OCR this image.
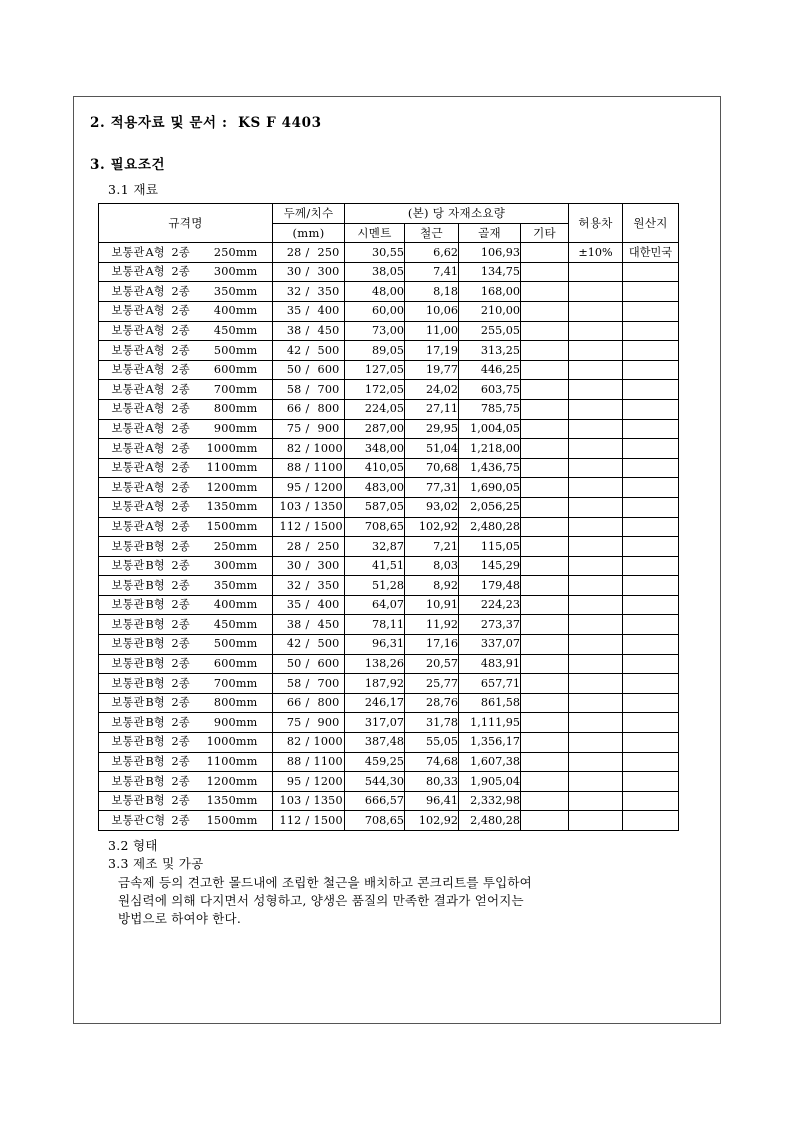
2. 적용자료 및 문서 :  KS F 4403
3. 필요조건
3.1 재료
규격명	두께/치수	(본) 당 자재소요량				허용차	원산지
	(mm)	시멘트	철근	골재	기타		
보통관A형 2종 250mm	28 / 250	30,55	6,62	106,93		±10%	대한민국
보통관A형 2종 300mm	30 / 300	38,05	7,41	134,75			
보통관A형 2종 350mm	32 / 350	48,00	8,18	168,00			
보통관A형 2종 400mm	35 / 400	60,00	10,06	210,00			
보통관A형 2종 450mm	38 / 450	73,00	11,00	255,05			
보통관A형 2종 500mm	42 / 500	89,05	17,19	313,25			
보통관A형 2종 600mm	50 / 600	127,05	19,77	446,25			
보통관A형 2종 700mm	58 / 700	172,05	24,02	603,75			
보통관A형 2종 800mm	66 / 800	224,05	27,11	785,75			
보통관A형 2종 900mm	75 / 900	287,00	29,95	1,004,05			
보통관A형 2종 1000mm	82 / 1000	348,00	51,04	1,218,00			
보통관A형 2종 1100mm	88 / 1100	410,05	70,68	1,436,75			
보통관A형 2종 1200mm	95 / 1200	483,00	77,31	1,690,05			
보통관A형 2종 1350mm	103 / 1350	587,05	93,02	2,056,25			
보통관A형 2종 1500mm	112 / 1500	708,65	102,92	2,480,28			
보통관B형 2종 250mm	28 / 250	32,87	7,21	115,05			
보통관B형 2종 300mm	30 / 300	41,51	8,03	145,29			
보통관B형 2종 350mm	32 / 350	51,28	8,92	179,48			
보통관B형 2종 400mm	35 / 400	64,07	10,91	224,23			
보통관B형 2종 450mm	38 / 450	78,11	11,92	273,37			
보통관B형 2종 500mm	42 / 500	96,31	17,16	337,07			
보통관B형 2종 600mm	50 / 600	138,26	20,57	483,91			
보통관B형 2종 700mm	58 / 700	187,92	25,77	657,71			
보통관B형 2종 800mm	66 / 800	246,17	28,76	861,58			
보통관B형 2종 900mm	75 / 900	317,07	31,78	1,111,95			
보통관B형 2종 1000mm	82 / 1000	387,48	55,05	1,356,17			
보통관B형 2종 1100mm	88 / 1100	459,25	74,68	1,607,38			
보통관B형 2종 1200mm	95 / 1200	544,30	80,33	1,905,04			
보통관B형 2종 1350mm	103 / 1350	666,57	96,41	2,332,98			
보통관C형 2종 1500mm	112 / 1500	708,65	102,92	2,480,28			
3.2 형태
3.3 제조 및 가공

금속제 등의 견고한 몰드내에 조립한 철근을 배치하고 콘크리트를 투입하여

원심력에 의해 다지면서 성형하고, 양생은 품질의 만족한 결과가 얻어지는

방법으로 하여야 한다.
